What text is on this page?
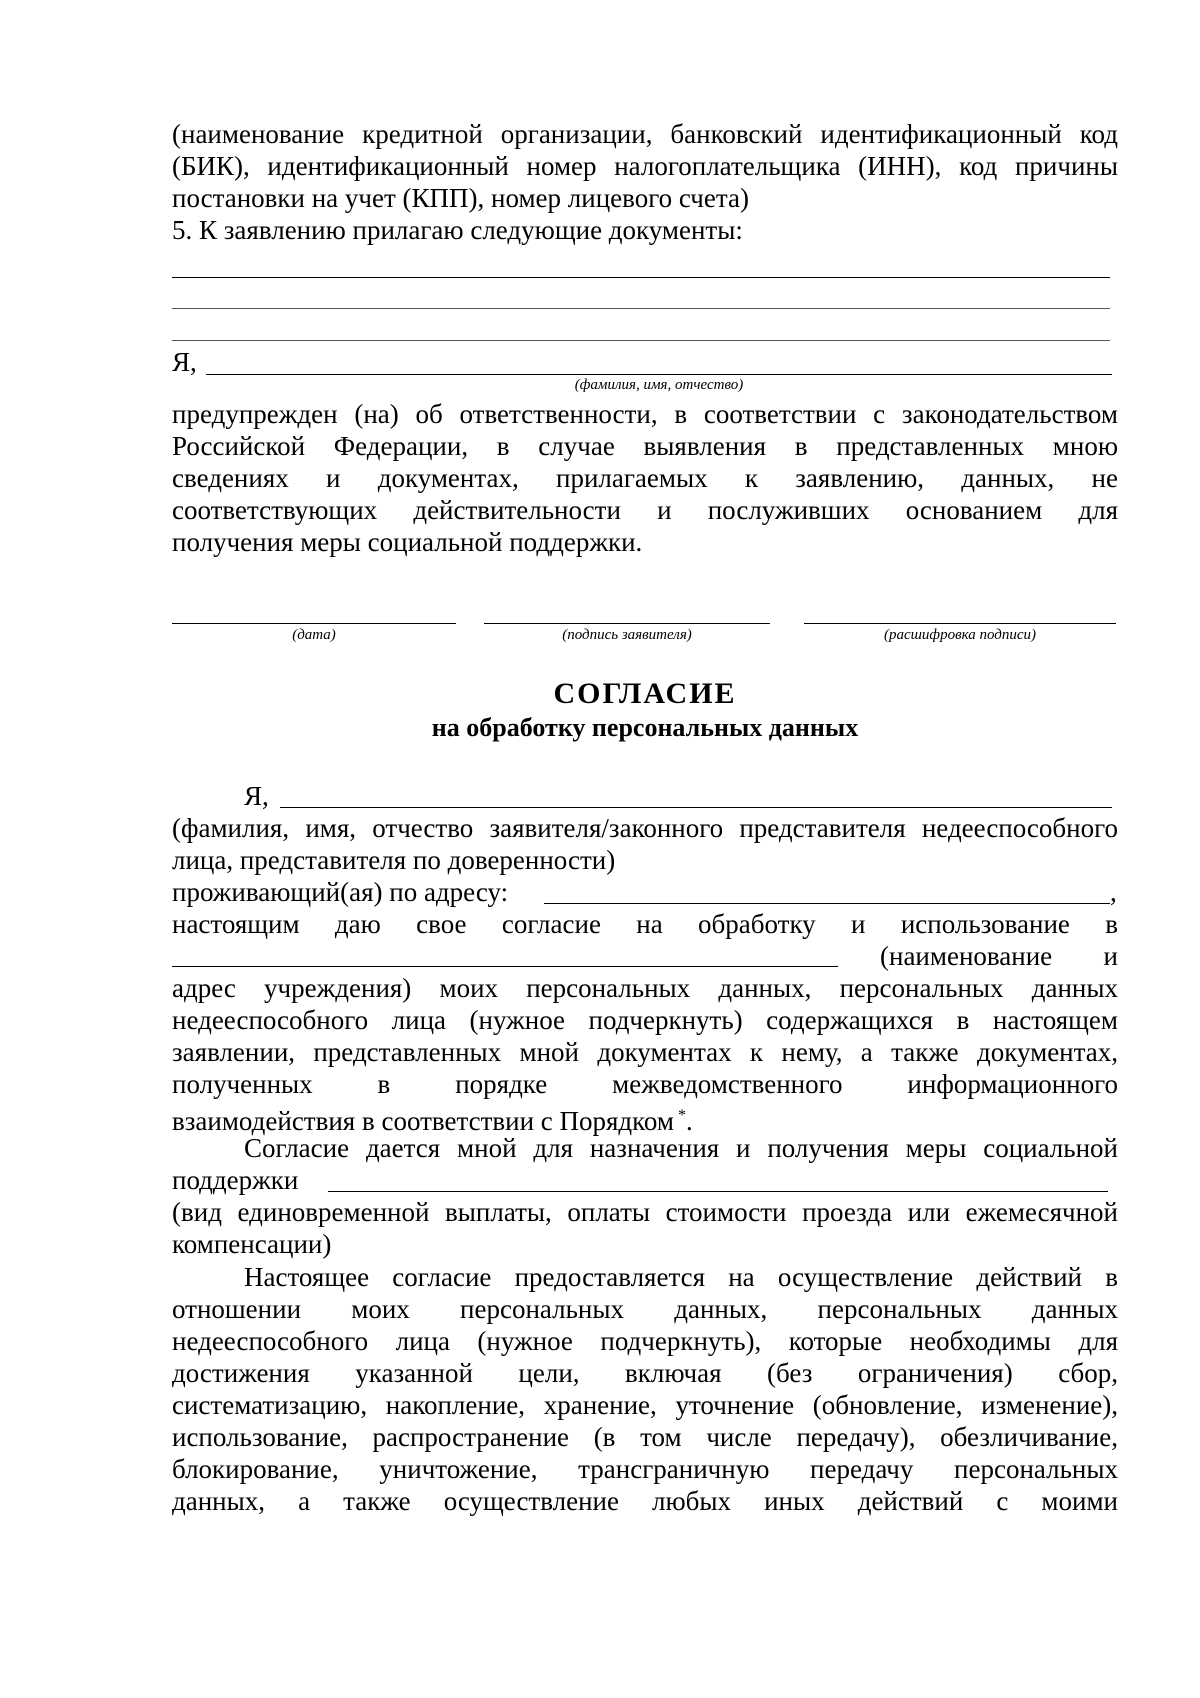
(наименование кредитной организации, банковский идентификационный код
(БИК), идентификационный номер налогоплательщика (ИНН), код причины
постановки на учет (КПП), номер лицевого счета)
5. К заявлению прилагаю следующие документы:
Я,
(фамилия, имя, отчество)
предупрежден (на) об ответственности, в соответствии с законодательством
Российской Федерации, в случае выявления в представленных мною
сведениях и документах, прилагаемых к заявлению, данных, не
соответствующих действительности и послуживших основанием для
получения меры социальной поддержки.
(дата)	(подпись заявителя)	(расшифровка подписи)
СОГЛАСИЕ
на обработку персональных данных
Я,
(фамилия, имя, отчество заявителя/законного представителя недееспособного
лица, представителя по доверенности)
проживающий(ая) по адресу:	,
настоящим даю свое согласие на обработку и использование в
(наименование и
адрес учреждения) моих персональных данных, персональных данных
недееспособного лица (нужное подчеркнуть) содержащихся в настоящем
заявлении, представленных мной документах к нему, а также документах,
полученных в порядке межведомственного информационного
взаимодействия в соответствии с Порядком *.
Согласие дается мной для назначения и получения меры социальной
поддержки
(вид единовременной выплаты, оплаты стоимости проезда или ежемесячной
компенсации)
Настоящее согласие предоставляется на осуществление действий в
отношении моих персональных данных, персональных данных
недееспособного лица (нужное подчеркнуть), которые необходимы для
достижения указанной цели, включая (без ограничения) сбор,
систематизацию, накопление, хранение, уточнение (обновление, изменение),
использование, распространение (в том числе передачу), обезличивание,
блокирование, уничтожение, трансграничную передачу персональных
данных, а также осуществление любых иных действий с моими
